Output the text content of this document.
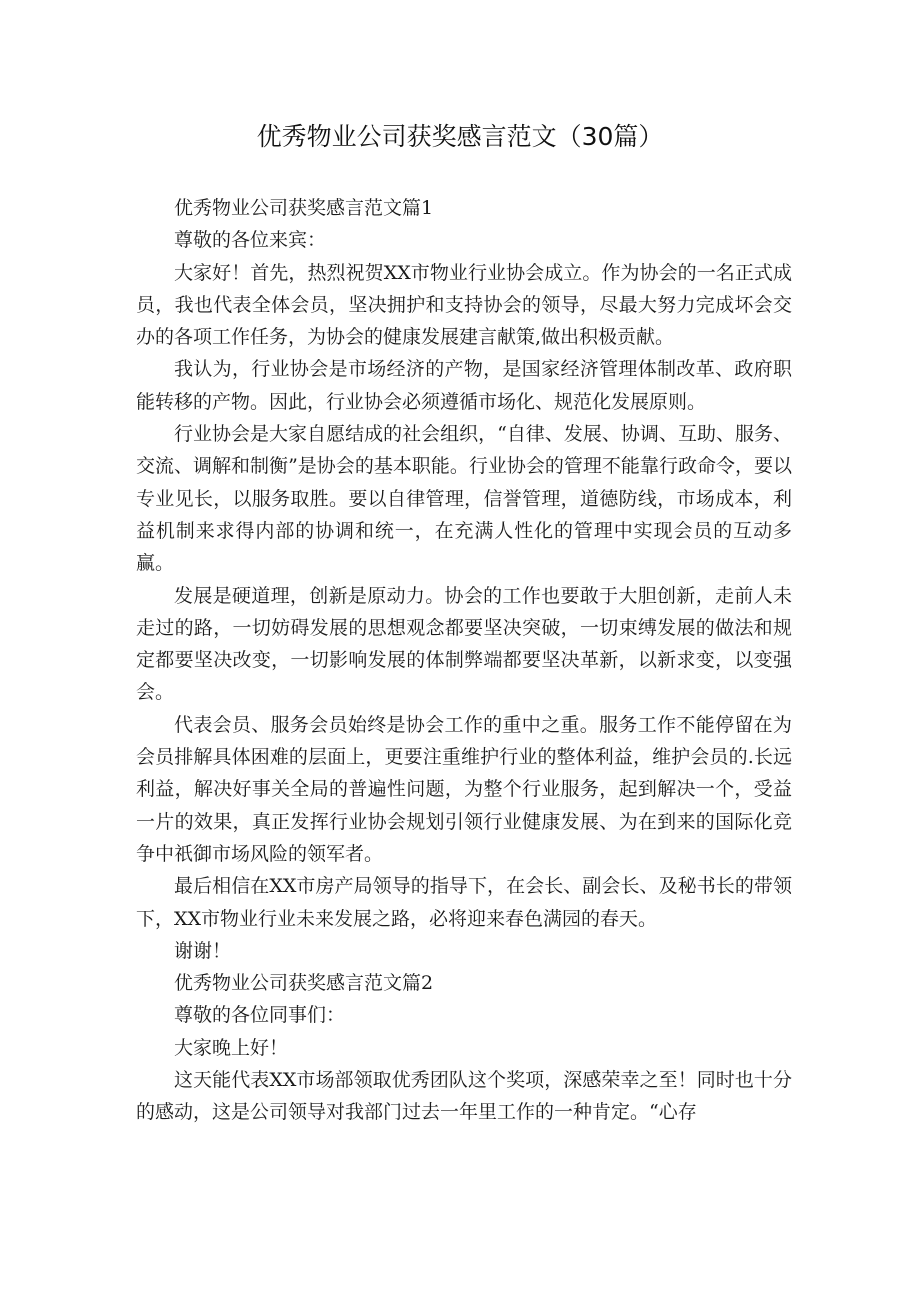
优秀物业公司获奖感言范文（30篇）

优秀物业公司获奖感言范文篇1

尊敬的各位来宾：

大家好！首先，热烈祝贺XX市物业行业协会成立。作为协会的一名正式成员，我也代表全体会员，坚决拥护和支持协会的领导，尽最大努力完成坏会交办的各项工作任务，为协会的健康发展建言献策,做出积极贡献。

我认为，行业协会是市场经济的产物，是国家经济管理体制改革、政府职能转移的产物。因此，行业协会必须遵循市场化、规范化发展原则。

行业协会是大家自愿结成的社会组织，“自律、发展、协调、互助、服务、交流、调解和制衡”是协会的基本职能。行业协会的管理不能靠行政命令，要以专业见长，以服务取胜。要以自律管理，信誉管理，道德防线，市场成本，利益机制来求得内部的协调和统一，在充满人性化的管理中实现会员的互动多赢。

发展是硬道理，创新是原动力。协会的工作也要敢于大胆创新，走前人未走过的路，一切妨碍发展的思想观念都要坚决突破，一切束缚发展的做法和规定都要坚决改变，一切影响发展的体制弊端都要坚决革新，以新求变，以变强会。

代表会员、服务会员始终是协会工作的重中之重。服务工作不能停留在为会员排解具体困难的层面上，更要注重维护行业的整体利益，维护会员的.长远利益，解决好事关全局的普遍性问题，为整个行业服务，起到解决一个，受益一片的效果，真正发挥行业协会规划引领行业健康发展、为在到来的国际化竞争中祇御市场风险的领军者。

最后相信在XX市房产局领导的指导下，在会长、副会长、及秘书长的带领下，XX市物业行业未来发展之路，必将迎来春色满园的春天。

谢谢！

优秀物业公司获奖感言范文篇2

尊敬的各位同事们：

大家晚上好！

这天能代表XX市场部领取优秀团队这个奖项，深感荣幸之至！同时也十分的感动，这是公司领导对我部门过去一年里工作的一种肯定。“心存
